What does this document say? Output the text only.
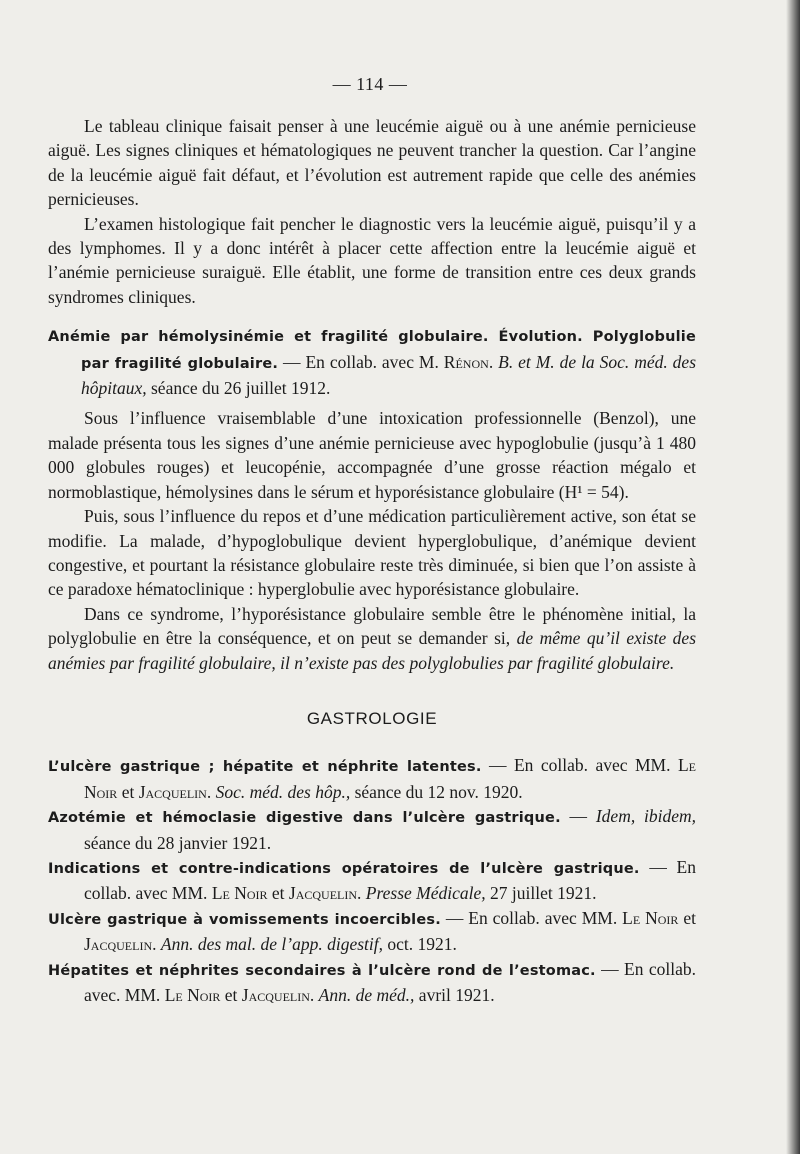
— 114 —

Le tableau clinique faisait penser à une leucémie aiguë ou à une anémie pernicieuse aiguë. Les signes cliniques et hématologiques ne peuvent trancher la question. Car l’angine de la leucémie aiguë fait défaut, et l’évolution est autrement rapide que celle des anémies pernicieuses.

L’examen histologique fait pencher le diagnostic vers la leucémie aiguë, puisqu’il y a des lymphomes. Il y a donc intérêt à placer cette affection entre la leucémie aiguë et l’anémie pernicieuse suraiguë. Elle établit, une forme de transition entre ces deux grands syndromes cliniques.

Anémie par hémolysinémie et fragilité globulaire. Évolution. Polyglobulie par fragilité globulaire. — En collab. avec M. Rénon. B. et M. de la Soc. méd. des hôpitaux, séance du 26 juillet 1912.

Sous l’influence vraisemblable d’une intoxication professionnelle (Benzol), une malade présenta tous les signes d’une anémie pernicieuse avec hypoglobulie (jusqu’à 1 480 000 globules rouges) et leucopénie, accompagnée d’une grosse réaction mégalo et normoblastique, hémolysines dans le sérum et hyporésistance globulaire (H¹ = 54).

Puis, sous l’influence du repos et d’une médication particulièrement active, son état se modifie. La malade, d’hypoglobulique devient hyperglobulique, d’anémique devient congestive, et pourtant la résistance globulaire reste très diminuée, si bien que l’on assiste à ce paradoxe hématoclinique : hyperglobulie avec hyporésistance globulaire.

Dans ce syndrome, l’hyporésistance globulaire semble être le phénomène initial, la polyglobulie en être la conséquence, et on peut se demander si, de même qu’il existe des anémies par fragilité globulaire, il n’existe pas des polyglobulies par fragilité globulaire.

GASTROLOGIE

L’ulcère gastrique ; hépatite et néphrite latentes. — En collab. avec MM. Le Noir et Jacquelin. Soc. méd. des hôp., séance du 12 nov. 1920.

Azotémie et hémoclasie digestive dans l’ulcère gastrique. — Idem, ibidem, séance du 28 janvier 1921.

Indications et contre-indications opératoires de l’ulcère gastrique. — En collab. avec MM. Le Noir et Jacquelin. Presse Médicale, 27 juillet 1921.

Ulcère gastrique à vomissements incoercibles. — En collab. avec MM. Le Noir et Jacquelin. Ann. des mal. de l’app. digestif, oct. 1921.

Hépatites et néphrites secondaires à l’ulcère rond de l’estomac. — En collab. avec. MM. Le Noir et Jacquelin. Ann. de méd., avril 1921.
